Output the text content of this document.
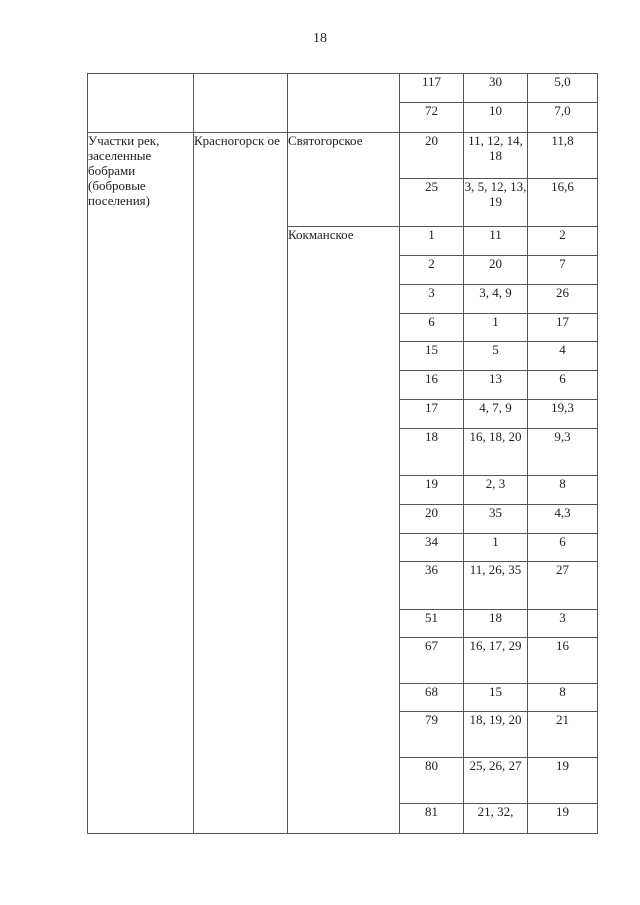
18
			117	30	5,0
			72	10	7,0
Участки рек, заселенные бобрами (бобровые поселения)	Красногорск ое	Святогорское	20	11, 12, 14, 18	11,8
			25	3, 5, 12, 13, 19	16,6
		Кокманское	1	11	2
			2	20	7
			3	3, 4, 9	26
			6	1	17
			15	5	4
			16	13	6
			17	4, 7, 9	19,3
			18	16, 18, 20	9,3
			19	2, 3	8
			20	35	4,3
			34	1	6
			36	11, 26, 35	27
			51	18	3
			67	16, 17, 29	16
			68	15	8
			79	18, 19, 20	21
			80	25, 26, 27	19
			81	21, 32,	19
